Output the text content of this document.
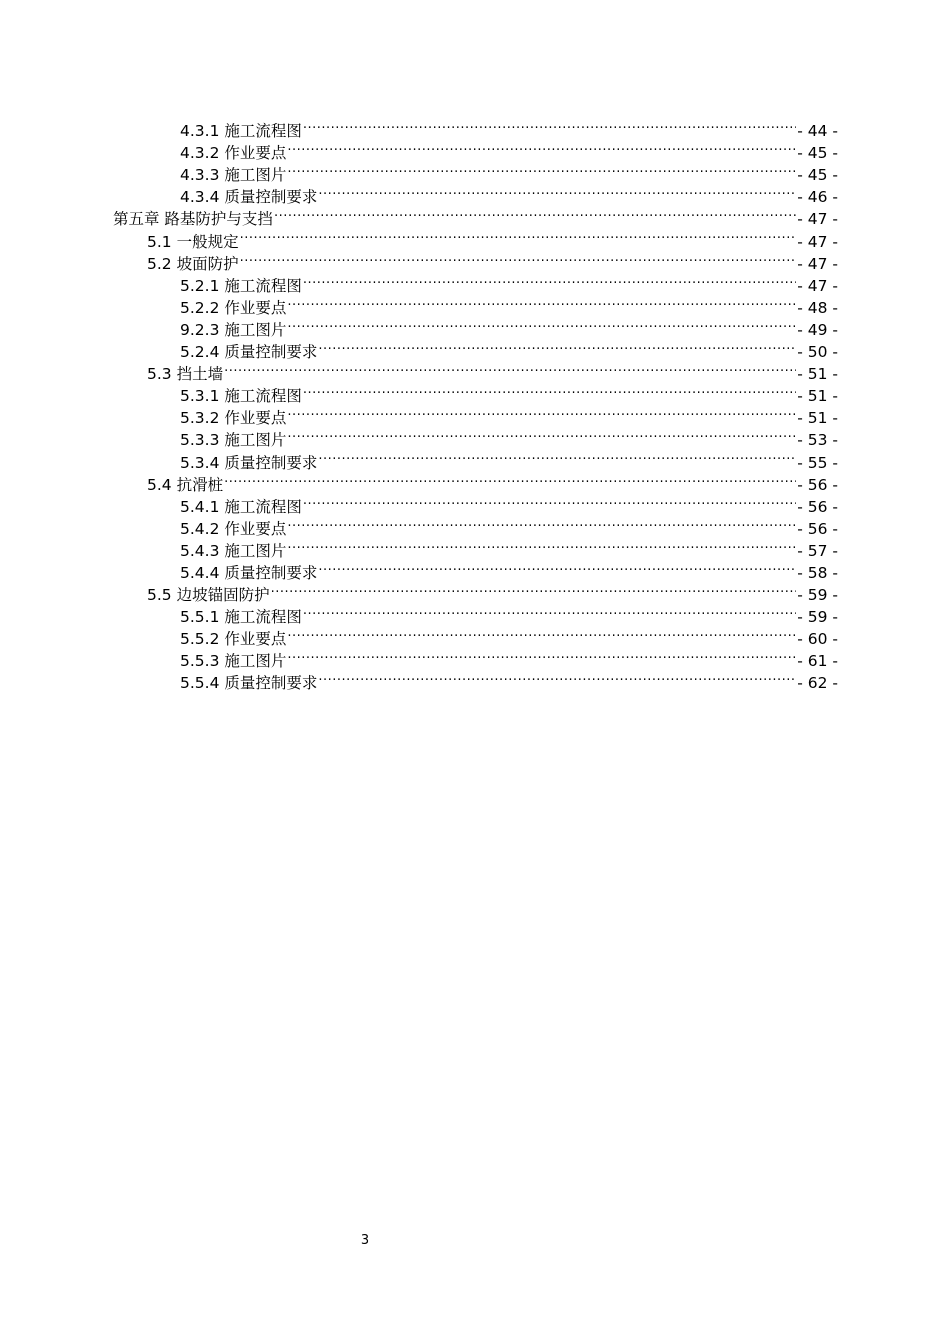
4.3.1 施工流程图 .....	- 44 -
4.3.2 作业要点 .....	- 45 -
4.3.3 施工图片 .....	- 45 -
4.3.4 质量控制要求 .....	- 46 -
第五章 路基防护与支挡 .....	- 47 -
5.1 一般规定 .....	- 47 -
5.2 坡面防护 .....	- 47 -
5.2.1 施工流程图 .....	- 47 -
5.2.2 作业要点 .....	- 48 -
9.2.3 施工图片 .....	- 49 -
5.2.4 质量控制要求 .....	- 50 -
5.3 挡土墙 .....	- 51 -
5.3.1 施工流程图 .....	- 51 -
5.3.2 作业要点 .....	- 51 -
5.3.3 施工图片 .....	- 53 -
5.3.4 质量控制要求 .....	- 55 -
5.4 抗滑桩 .....	- 56 -
5.4.1 施工流程图 .....	- 56 -
5.4.2 作业要点 .....	- 56 -
5.4.3 施工图片 .....	- 57 -
5.4.4 质量控制要求 .....	- 58 -
5.5 边坡锚固防护 .....	- 59 -
5.5.1 施工流程图 .....	- 59 -
5.5.2 作业要点 .....	- 60 -
5.5.3 施工图片 .....	- 61 -
5.5.4 质量控制要求 .....	- 62 -
3
